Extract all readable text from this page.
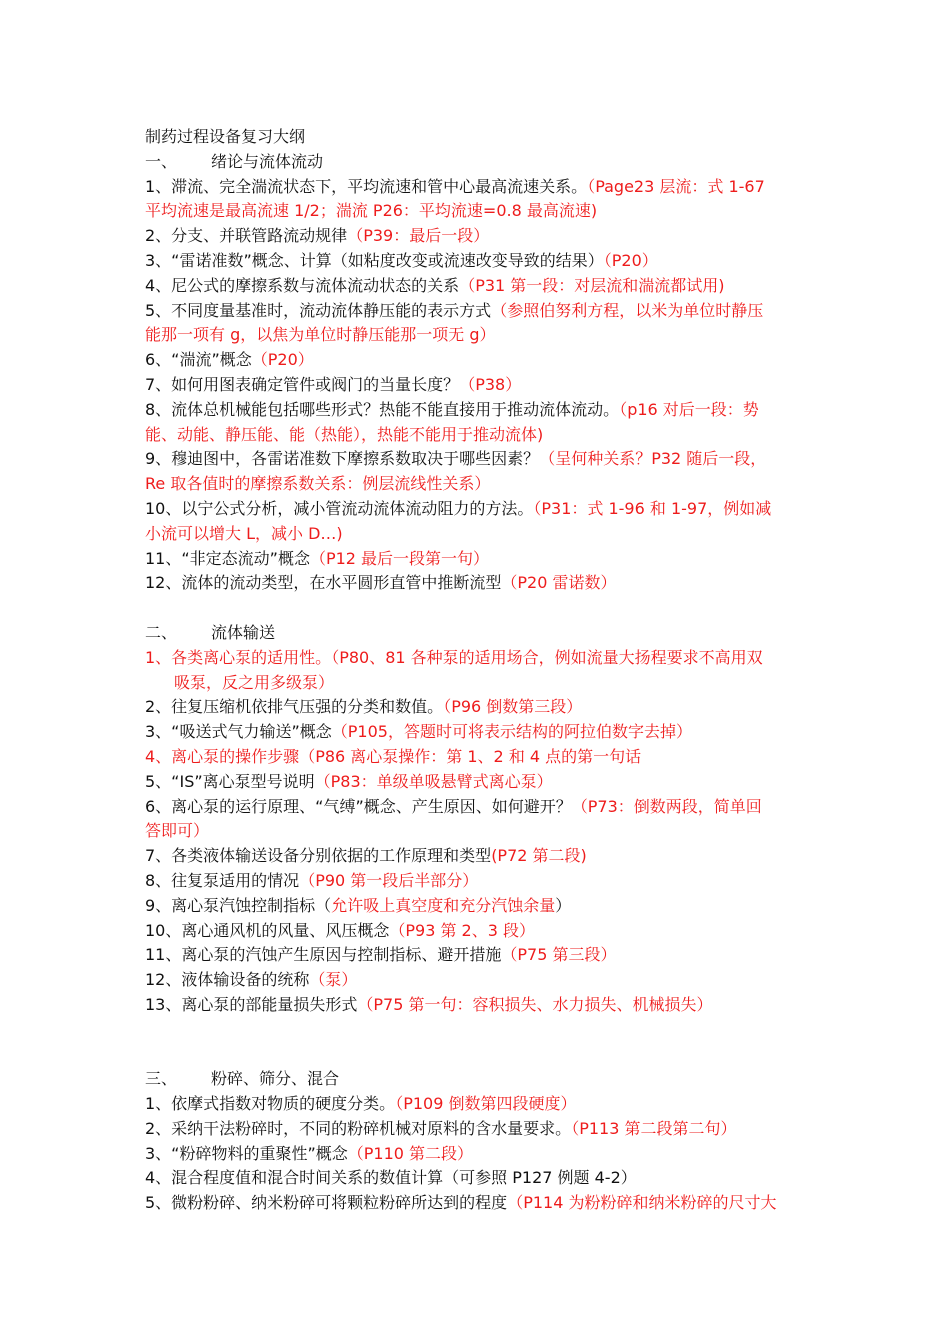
制药过程设备复习大纲
一、 绪论与流体流动
1、滞流、完全湍流状态下，平均流速和管中心最高流速关系。（Page23 层流：式 1-67
平均流速是最高流速 1/2；湍流 P26：平均流速=0.8 最高流速)
2、分支、并联管路流动规律（P39：最后一段）
3、“雷诺准数”概念、计算（如粘度改变或流速改变导致的结果）（P20）
4、尼公式的摩擦系数与流体流动状态的关系（P31 第一段：对层流和湍流都试用)
5、不同度量基准时，流动流体静压能的表示方式（参照伯努利方程，以米为单位时静压
能那一项有 g，以焦为单位时静压能那一项无 g）
6、“湍流”概念（P20）
7、如何用图表确定管件或阀门的当量长度？（P38）
8、流体总机械能包括哪些形式？热能不能直接用于推动流体流动。（p16 对后一段：势
能、动能、静压能、能（热能），热能不能用于推动流体)
9、穆迪图中，各雷诺准数下摩擦系数取决于哪些因素？（呈何种关系？P32 随后一段，
Re 取各值时的摩擦系数关系：例层流线性关系）
10、以宁公式分析，减小管流动流体流动阻力的方法。（P31：式 1-96 和 1-97，例如减
小流可以增大 L，减小 D…)
11、“非定态流动”概念（P12 最后一段第一句）
12、流体的流动类型，在水平圆形直管中推断流型（P20 雷诺数）
二、 流体输送
1、各类离心泵的适用性。（P80、81 各种泵的适用场合，例如流量大扬程要求不高用双
吸泵，反之用多级泵）
2、往复压缩机依排气压强的分类和数值。（P96 倒数第三段）
3、“吸送式气力输送”概念（P105，答题时可将表示结构的阿拉伯数字去掉）
4、离心泵的操作步骤（P86 离心泵操作：第 1、2 和 4 点的第一句话
5、“IS”离心泵型号说明（P83：单级单吸悬臂式离心泵）
6、离心泵的运行原理、“气缚”概念、产生原因、如何避开？（P73：倒数两段，简单回
答即可）
7、各类液体输送设备分别依据的工作原理和类型(P72 第二段)
8、往复泵适用的情况（P90 第一段后半部分）
9、离心泵汽蚀控制指标（允许吸上真空度和充分汽蚀余量）
10、离心通风机的风量、风压概念（P93 第 2、3 段）
11、离心泵的汽蚀产生原因与控制指标、避开措施（P75 第三段）
12、液体输设备的统称（泵）
13、离心泵的部能量损失形式（P75 第一句：容积损失、水力损失、机械损失）
三、 粉碎、筛分、混合
1、依摩式指数对物质的硬度分类。（P109 倒数第四段硬度）
2、采纳干法粉碎时，不同的粉碎机械对原料的含水量要求。（P113 第二段第二句）
3、“粉碎物料的重聚性”概念（P110 第二段）
4、混合程度值和混合时间关系的数值计算（可参照 P127 例题 4-2）
5、微粉粉碎、纳米粉碎可将颗粒粉碎所达到的程度（P114 为粉粉碎和纳米粉碎的尺寸大
